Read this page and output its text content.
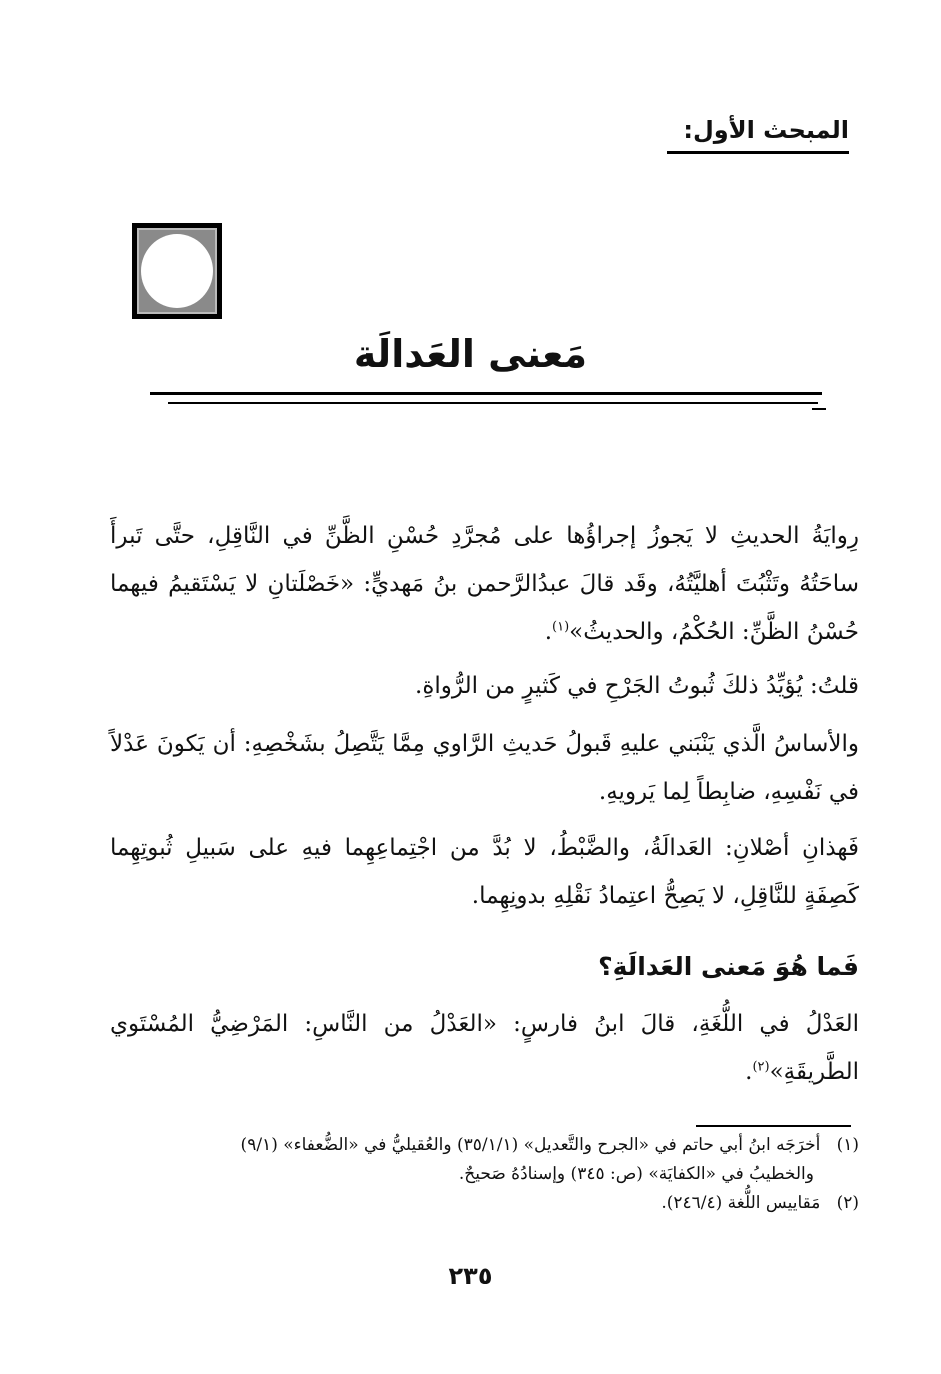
المبحث الأول:
مَعنى العَدالَة
رِوايَةُ الحديثِ لا يَجوزُ إجراؤُها على مُجرَّدِ حُسْنِ الظَّنِّ في النَّاقِلِ، حتَّى تَبرأَ ساحَتُهُ وتَثْبُتَ أهليَّتُهُ، وقَد قالَ عبدُالرَّحمن بنُ مَهديٍّ: «خَصْلَتانِ لا يَسْتَقيمُ فيهما حُسْنُ الظَّنِّ: الحُكْمُ، والحديثُ»$^{(١)}$.
قلتُ: يُؤيِّدُ ذلكَ ثُبوتُ الجَرْحِ في كَثيرٍ من الرُّواةِ.
والأساسُ الَّذي يَنْبَني عليهِ قَبولُ حَديثِ الرَّاوي مِمَّا يَتَّصِلُ بشَخْصِهِ: أن يَكونَ عَدْلاً في نَفْسِهِ، ضابِطاً لِما يَرويهِ.
فَهذانِ أصْلانِ: العَدالَةُ، والضَّبْطُ، لا بُدَّ من اجْتِماعِهِما فيهِ على سَبيلِ ثُبوتِهِما كَصِفَةٍ للنَّاقِلِ، لا يَصِحُّ اعتِمادُ نَقْلِهِ بدونِهِما.
فَما هُوَ مَعنى العَدالَةِ؟
العَدْلُ في اللُّغَةِ، قالَ ابنُ فارسٍ: «العَدْلُ من النَّاسِ: المَرْضِيُّ المُسْتَوي الطَّريقَةِ»$^{(٢)}$.

(١)   أخرَجَه ابنُ أبي حاتم في «الجرح والتَّعديل» (٣٥/١/١) والعُقيليُّ في «الضُّعفاء» (٩/١)

والخطيبُ في «الكفايَة» (ص: ٣٤٥) وإسنادُهُ صَحيحٌ.

(٢)   مَقاييس اللُّغة (٢٤٦/٤).

٢٣٥
